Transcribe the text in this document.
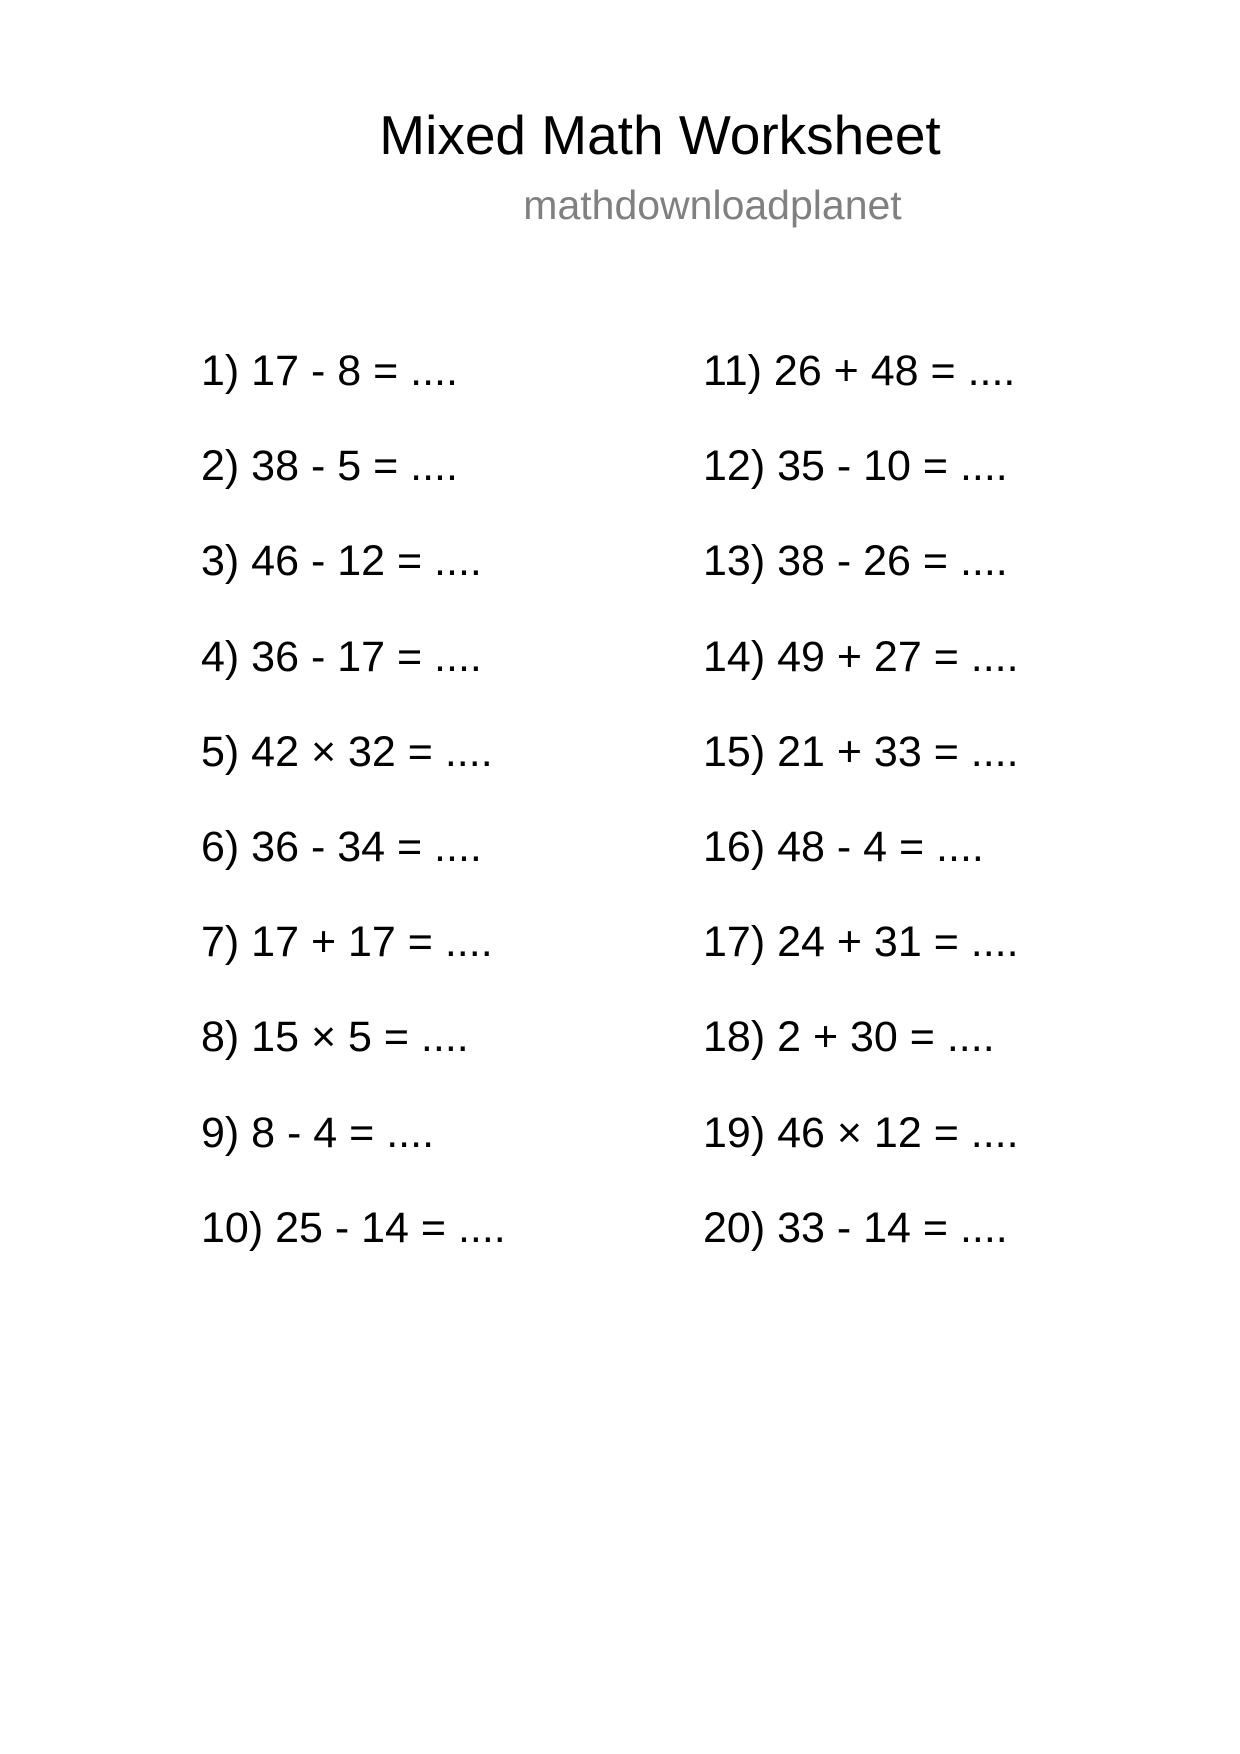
Mixed Math Worksheet
mathdownloadplanet
1) 17 - 8 = ....
2) 38 - 5 = ....
3) 46 - 12 = ....
4) 36 - 17 = ....
5) 42 × 32 = ....
6) 36 - 34 = ....
7) 17 + 17 = ....
8) 15 × 5 = ....
9) 8 - 4 = ....
10) 25 - 14 = ....
11) 26 + 48 = ....
12) 35 - 10 = ....
13) 38 - 26 = ....
14) 49 + 27 = ....
15) 21 + 33 = ....
16) 48 - 4 = ....
17) 24 + 31 = ....
18) 2 + 30 = ....
19) 46 × 12 = ....
20) 33 - 14 = ....
